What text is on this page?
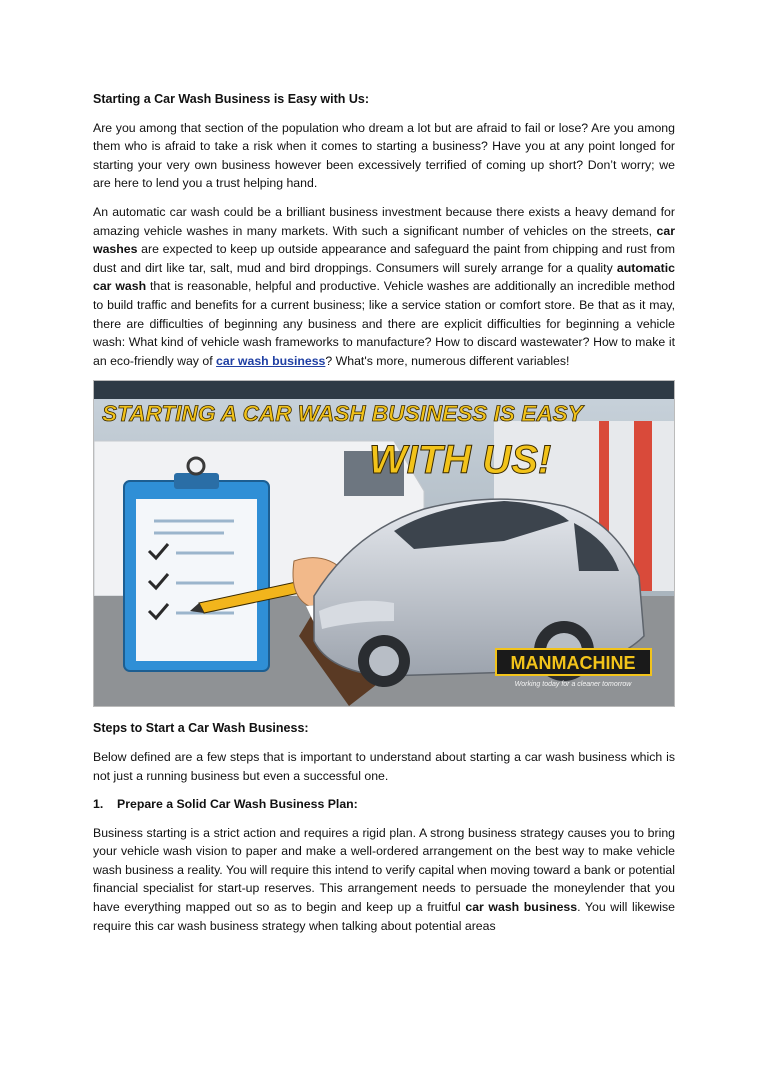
Starting a Car Wash Business is Easy with Us:

Are you among that section of the population who dream a lot but are afraid to fail or lose? Are you among them who is afraid to take a risk when it comes to starting a business? Have you at any point longed for starting your very own business however been excessively terrified of coming up short? Don’t worry; we are here to lend you a trust helping hand.

An automatic car wash could be a brilliant business investment because there exists a heavy demand for amazing vehicle washes in many markets. With such a significant number of vehicles on the streets, car washes are expected to keep up outside appearance and safeguard the paint from chipping and rust from dust and dirt like tar, salt, mud and bird droppings. Consumers will surely arrange for a quality automatic car wash that is reasonable, helpful and productive. Vehicle washes are additionally an incredible method to build traffic and benefits for a current business; like a service station or comfort store. Be that as it may, there are difficulties of beginning any business and there are explicit difficulties for beginning a vehicle wash: What kind of vehicle wash frameworks to manufacture? How to discard wastewater? How to make it an eco-friendly way of car wash business? What's more, numerous different variables!

STARTING A CAR WASH BUSINESS IS EASY
WITH US!
MANMACHINE
Working today for a cleaner tomorrow
Steps to Start a Car Wash Business:

Below defined are a few steps that is important to understand about starting a car wash business which is not just a running business but even a successful one.

1. Prepare a Solid Car Wash Business Plan:

Business starting is a strict action and requires a rigid plan. A strong business strategy causes you to bring your vehicle wash vision to paper and make a well-ordered arrangement on the best way to make vehicle wash business a reality. You will require this intend to verify capital when moving toward a bank or potential financial specialist for start-up reserves. This arrangement needs to persuade the moneylender that you have everything mapped out so as to begin and keep up a fruitful car wash business. You will likewise require this car wash business strategy when talking about potential areas
